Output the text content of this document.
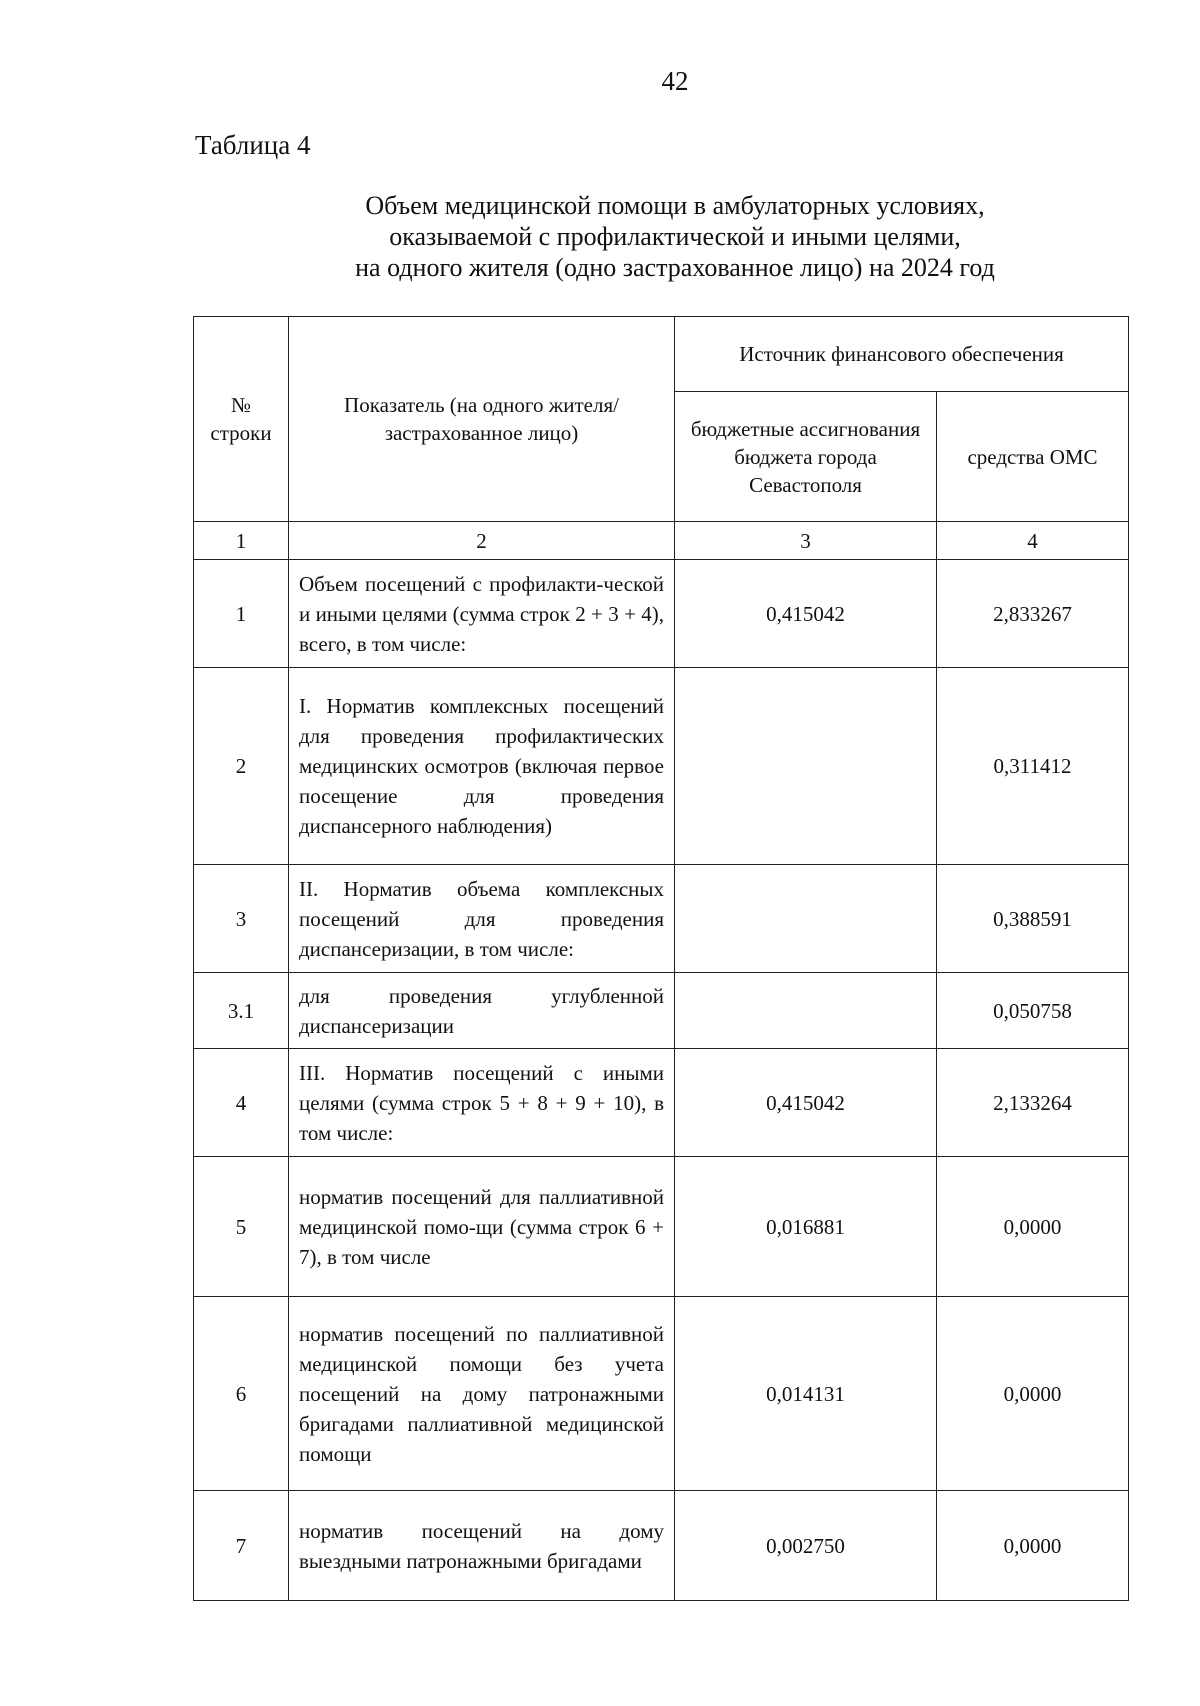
42
Таблица 4
Объем медицинской помощи в амбулаторных условиях,
оказываемой с профилактической и иными целями,
на одного жителя (одно застрахованное лицо) на 2024 год
№ строки	Показатель (на одного жителя/застрахованное лицо)	Источник финансового обеспечения	
		бюджетные ассигнования бюджета города Севастополя	средства ОМС
1	2	3	4
1	Объем посещений с профилакти-ческой и иными целями (сумма строк 2 + 3 + 4), всего, в том числе:	0,415042	2,833267
2	I. Норматив комплексных посещений для проведения профилактических медицинских осмотров (включая первое посещение для проведения диспансерного наблюдения)		0,311412
3	II. Норматив объема комплексных посещений для проведения диспансеризации, в том числе:		0,388591
3.1	для проведения углубленной диспансеризации		0,050758
4	III. Норматив посещений с иными целями (сумма строк 5 + 8 + 9 + 10), в том числе:	0,415042	2,133264
5	норматив посещений для паллиативной медицинской помо-щи (сумма строк 6 + 7), в том числе	0,016881	0,0000
6	норматив посещений по паллиативной медицинской помощи без учета посещений на дому патронажными бригадами паллиативной медицинской помощи	0,014131	0,0000
7	норматив посещений на дому выездными патронажными бригадами	0,002750	0,0000
